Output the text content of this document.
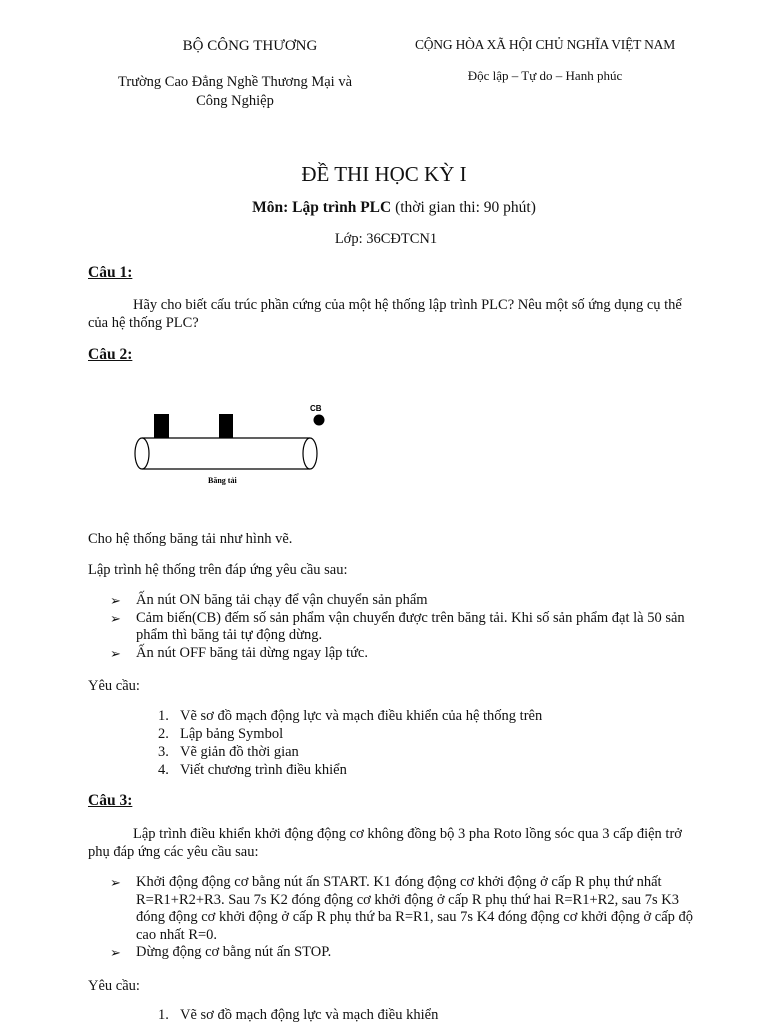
BỘ CÔNG THƯƠNG
Trường Cao Đẳng Nghề Thương Mại và
Công Nghiệp
CỘNG HÒA XÃ HỘI CHỦ NGHĨA VIỆT NAM
Độc lập – Tự do – Hanh phúc
ĐỀ THI HỌC KỲ I
Môn: Lập trình PLC (thời gian thi: 90 phút)
Lớp: 36CĐTCN1
Câu 1:
Hãy cho biết cấu trúc phần cứng của một hệ thống lập trình PLC? Nêu một số ứng dụng cụ thể của hệ thống PLC?
Câu 2:
CB
Băng tải
Cho hệ thống băng tải như hình vẽ.
Lập trình hệ thống trên đáp ứng yêu cầu sau:
➢ Ấn nút ON băng tải chạy để vận chuyển sản phẩm
➢ Cảm biến(CB) đếm số sản phẩm vận chuyển được trên băng tải. Khi số sản phẩm đạt là 50 sản phẩm thì băng tải tự động dừng.
➢ Ấn nút OFF băng tải dừng ngay lập tức.
Yêu cầu:
1. Vẽ sơ đồ mạch động lực và mạch điều khiển của hệ thống trên
2. Lập bảng Symbol
3. Vẽ giản đồ thời gian
4. Viết chương trình điều khiển
Câu 3:
Lập trình điều khiển khởi động động cơ không đồng bộ 3 pha Roto lồng sóc qua 3 cấp điện trở phụ đáp ứng các yêu cầu sau:
➢ Khởi động động cơ bằng nút ấn START. K1 đóng động cơ khởi động ở cấp R phụ thứ nhất R=R1+R2+R3. Sau 7s K2 đóng động cơ khởi động ở cấp R phụ thứ hai R=R1+R2, sau 7s K3 đóng động cơ khởi động ở cấp R phụ thứ ba R=R1, sau 7s K4 đóng động cơ khởi động ở cấp độ cao nhất R=0.
➢ Dừng động cơ bằng nút ấn STOP.
Yêu cầu:
1. Vẽ sơ đồ mạch động lực và mạch điều khiển
